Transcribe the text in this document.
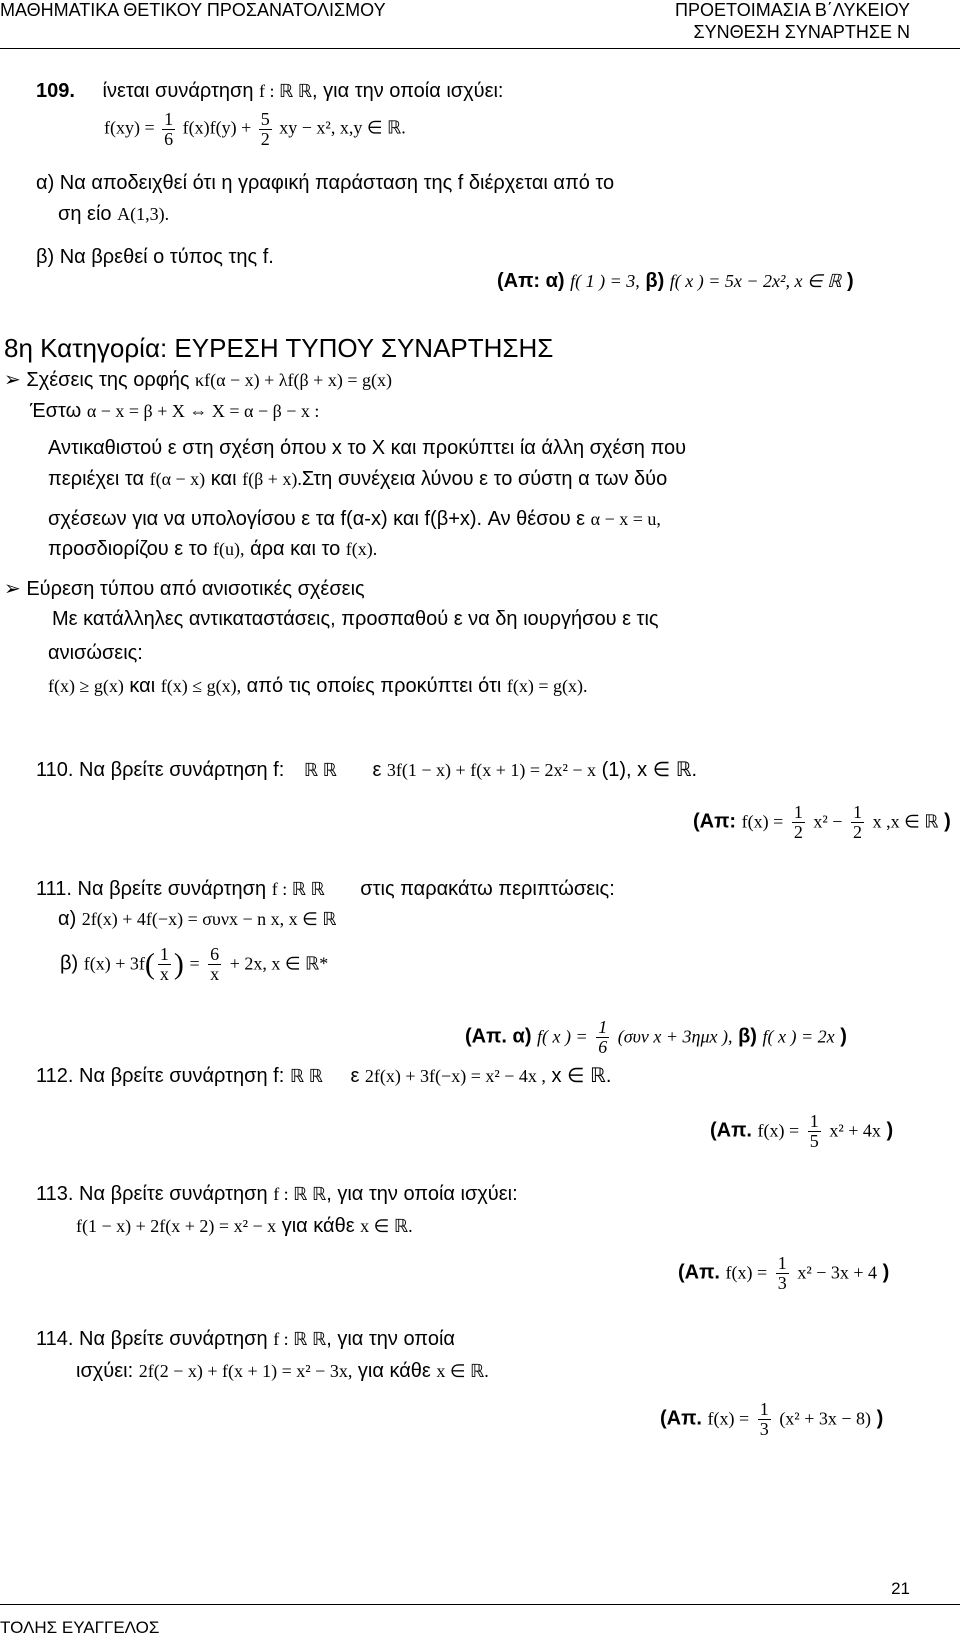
ΜΑΘΗΜΑΤΙΚΑ ΘΕΤΙΚΟΥ ΠΡΟΣΑΝΑΤΟΛΙΣΜΟΥ	ΠΡΟΕΤΟΙΜΑΣΙΑ Β΄ΛΥΚΕΙΟΥ
ΣΥΝΘΕΣΗ ΣΥΝΑΡΤΗΣΕ Ν
109. ίνεται συνάρτηση f : ℝ ℝ, για την οποία ισχύει:
$f(xy) = \frac{1}{6} f(x)f(y) + \frac{5}{2}$ xy − x², x,y ∈ ℝ.
α) Να αποδειχθεί ότι η γραφική παράσταση της f διέρχεται από το
ση είο A(1,3).
β) Να βρεθεί ο τύπος της f.
(Απ: α) f( 1 ) = 3, β) f( x ) = 5x − 2x², x ∈ ℝ )
8η Κατηγορία: ΕΥΡΕΣΗ ΤΥΠΟΥ ΣΥΝΑΡΤΗΣΗΣ
➢ Σχέσεις της ορφής κf(α − x) + λf(β + x) = g(x)
Έστω α − x = β + X ⇔ X = α − β − x :
Αντικαθιστού ε στη σχέση όπου x το X και προκύπτει ία άλλη σχέση που
περιέχει τα f(α − x) και f(β + x).Στη συνέχεια λύνου ε το σύστη α των δύο
σχέσεων για να υπολογίσου ε τα f(α-x) και f(β+x). Αν θέσου ε α − x = u,
προσδιορίζου ε το f(u), άρα και το f(x).
➢ Εύρεση τύπου από ανισοτικές σχέσεις
Με κατάλληλες αντικαταστάσεις, προσπαθού ε να δη ιουργήσου ε τις
ανισώσεις:
f(x) ≥ g(x) και f(x) ≤ g(x), από τις οποίες προκύπτει ότι f(x) = g(x).
110. Να βρείτε συνάρτηση f: ℝ ℝ ε 3f(1 − x) + f(x + 1) = 2x² − x (1), x ∈ ℝ.
(Απ: $f(x) = \frac{1}{2} x^2 - \frac{1}{2}$ x ,x ∈ ℝ )
111. Να βρείτε συνάρτηση f : ℝ ℝ στις παρακάτω περιπτώσεις:
α) 2f(x) + 4f(−x) = συνx − n x, x ∈ ℝ
β) $f(x) + 3f( \frac{1}{x}$ ) = $\frac{6}{x} + 2x$, x ∈ ℝ*
(Απ. α) f( x ) = $\frac{1}{6} (\sigma\upsilon\nu$ x + 3ημx ), β) f( x ) = 2x )
112. Να βρείτε συνάρτηση f: ℝ ℝ ε 2f(x) + 3f(−x) = x² − 4x , x ∈ ℝ.
(Απ. $f(x) = \frac{1}{5} x^2 + 4x$ )
113. Να βρείτε συνάρτηση f : ℝ ℝ, για την οποία ισχύει:
f(1 − x) + 2f(x + 2) = x² − x για κάθε x ∈ ℝ.
(Απ. $f(x) = \frac{1}{3} x^2 - 3x + 4$ )
114. Να βρείτε συνάρτηση f : ℝ ℝ, για την οποία
ισχύει: 2f(2 − x) + f(x + 1) = x² − 3x, για κάθε x ∈ ℝ.
(Απ. $f(x) = \frac{1}{3} (x^2 + 3x - 8)$ )
21
ΤΟΛΗΣ ΕΥΑΓΓΕΛΟΣ
